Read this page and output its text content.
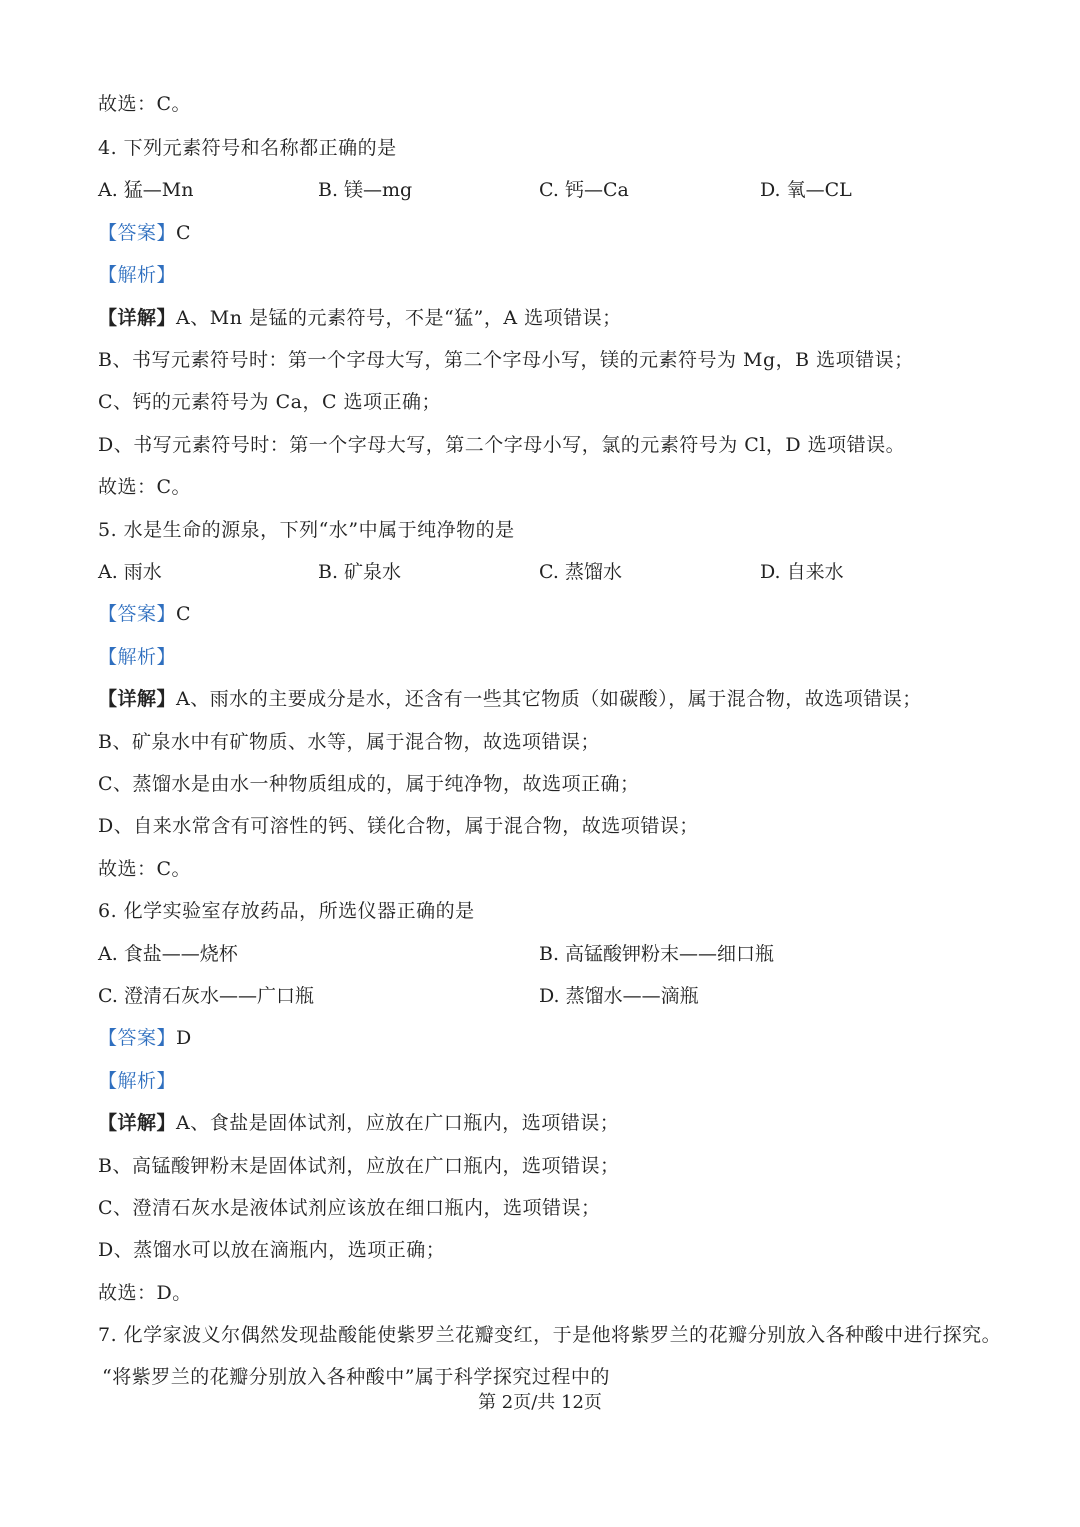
故选：C。
4. 下列元素符号和名称都正确的是
A. 猛—Mn	B. 镁—mg	C. 钙—Ca	D. 氧—CL
【答案】C
【解析】
【详解】A、Mn 是锰的元素符号，不是“猛”，A 选项错误；
B、书写元素符号时：第一个字母大写，第二个字母小写，镁的元素符号为 Mg，B 选项错误；
C、钙的元素符号为 Ca，C 选项正确；
D、书写元素符号时：第一个字母大写，第二个字母小写，氯的元素符号为 Cl，D 选项错误。
故选：C。
5. 水是生命的源泉，下列“水”中属于纯净物的是
A. 雨水	B. 矿泉水	C. 蒸馏水	D. 自来水
【答案】C
【解析】
【详解】A、雨水的主要成分是水，还含有一些其它物质（如碳酸），属于混合物，故选项错误；
B、矿泉水中有矿物质、水等，属于混合物，故选项错误；
C、蒸馏水是由水一种物质组成的，属于纯净物，故选项正确；
D、自来水常含有可溶性的钙、镁化合物，属于混合物，故选项错误；
故选：C。
6. 化学实验室存放药品，所选仪器正确的是
A. 食盐——烧杯	B. 高锰酸钾粉末——细口瓶
C. 澄清石灰水——广口瓶	D. 蒸馏水——滴瓶
【答案】D
【解析】
【详解】A、食盐是固体试剂，应放在广口瓶内，选项错误；
B、高锰酸钾粉末是固体试剂，应放在广口瓶内，选项错误；
C、澄清石灰水是液体试剂应该放在细口瓶内，选项错误；
D、蒸馏水可以放在滴瓶内，选项正确；
故选：D。
7. 化学家波义尔偶然发现盐酸能使紫罗兰花瓣变红，于是他将紫罗兰的花瓣分别放入各种酸中进行探究。
“将紫罗兰的花瓣分别放入各种酸中”属于科学探究过程中的
第 2页/共 12页
